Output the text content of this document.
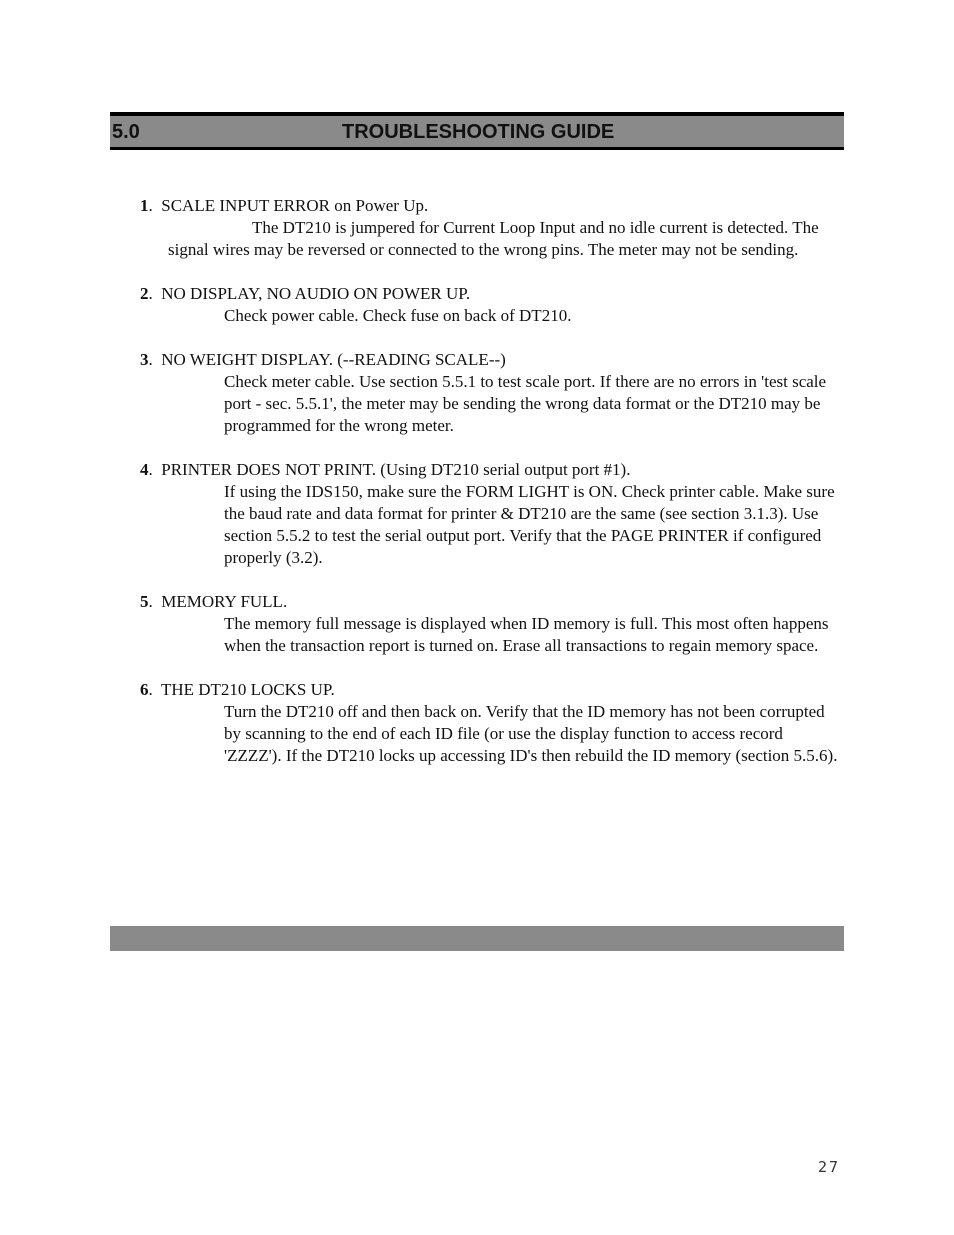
5.0	TROUBLESHOOTING GUIDE
1.  SCALE INPUT ERROR on Power Up.
The DT210 is jumpered for Current Loop Input and no idle current is detected. The signal wires may be reversed or connected to the wrong pins. The meter may not be sending.
2.  NO DISPLAY, NO AUDIO ON POWER UP.
Check power cable. Check fuse on back of DT210.
3.  NO WEIGHT DISPLAY. (--READING SCALE--)
Check meter cable. Use section 5.5.1 to test scale port. If there are no errors in 'test scale port - sec. 5.5.1', the meter may be sending the wrong data format or the DT210 may be programmed for the wrong meter.
4.  PRINTER DOES NOT PRINT. (Using DT210 serial output port #1).
If using the IDS150, make sure the FORM LIGHT is ON. Check printer cable. Make sure the baud rate and data format for printer & DT210 are the same (see section 3.1.3). Use section 5.5.2 to test the serial output port. Verify that the PAGE PRINTER if configured properly (3.2).
5.  MEMORY FULL.
The memory full message is displayed when ID memory is full. This most often happens when the transaction report is turned on. Erase all transactions to regain memory space.
6.  THE DT210 LOCKS UP.
Turn the DT210 off and then back on. Verify that the ID memory has not been corrupted by scanning to the end of each ID file (or use the display function to access record 'ZZZZ'). If the DT210 locks up accessing ID's then rebuild the ID memory (section 5.5.6).
27
